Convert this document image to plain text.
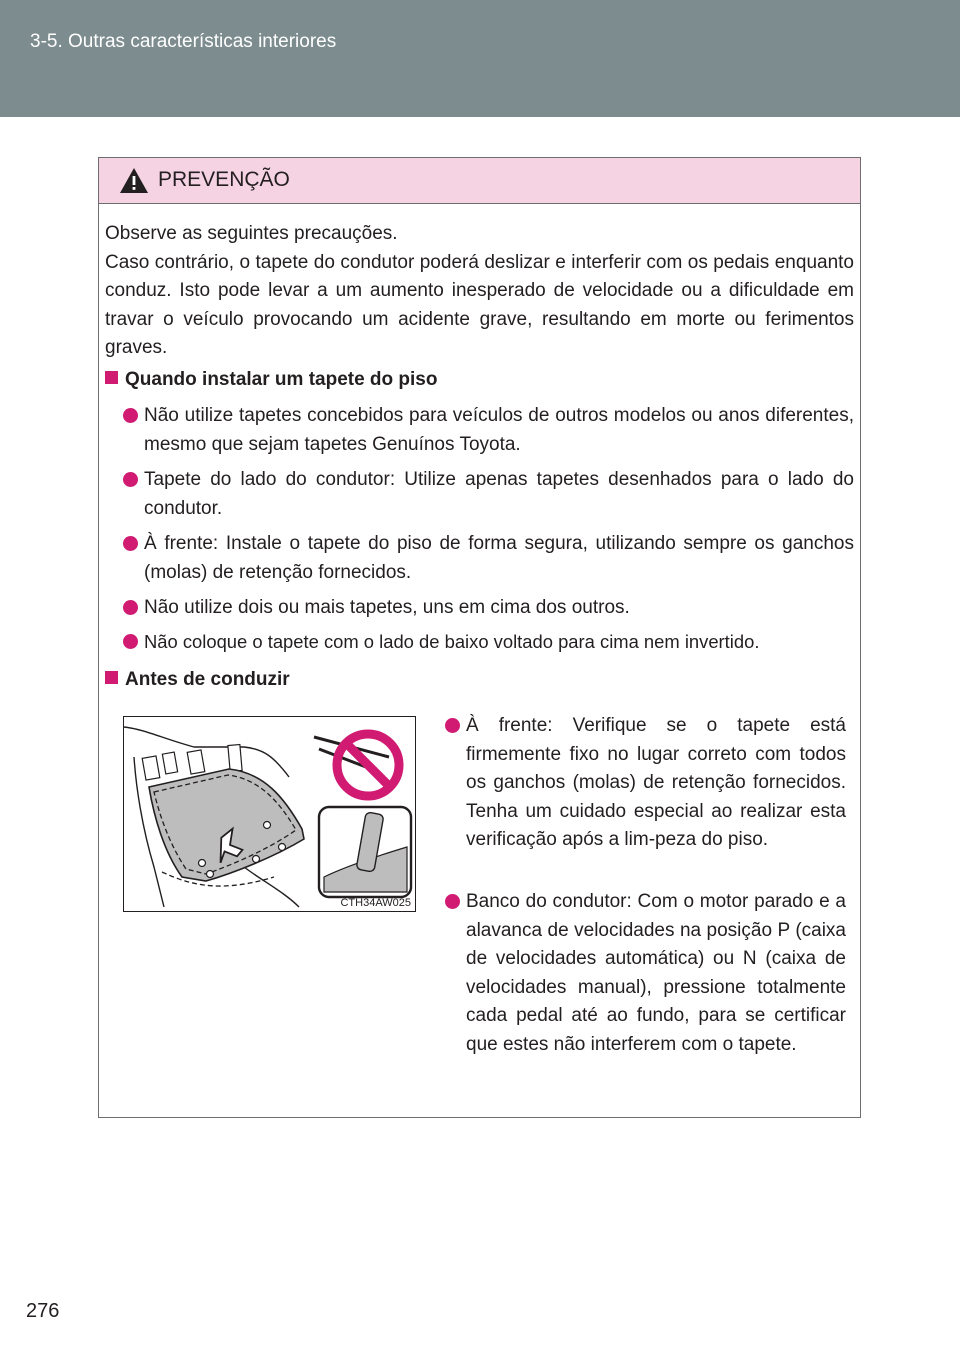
3-5. Outras características interiores
PREVENÇÃO
Observe as seguintes precauções.
Caso contrário, o tapete do condutor poderá deslizar e interferir com os pedais enquanto conduz. Isto pode levar a um aumento inesperado de velocidade ou a dificuldade em travar o veículo provocando um acidente grave, resultando em morte ou ferimentos graves.
Quando instalar um tapete do piso
Não utilize tapetes concebidos para veículos de outros modelos ou anos diferentes, mesmo que sejam tapetes Genuínos Toyota.
Tapete do lado do condutor: Utilize apenas tapetes desenhados para o lado do condutor.
À frente: Instale o tapete do piso de forma segura, utilizando sempre os ganchos (molas) de retenção fornecidos.
Não utilize dois ou mais tapetes, uns em cima dos outros.
Não coloque o tapete com o lado de baixo voltado para cima nem invertido.
Antes de conduzir
CTH34AW025
À frente: Verifique se o tapete está firmemente fixo no lugar correto com todos os ganchos (molas) de retenção fornecidos. Tenha um cuidado especial ao realizar esta verificação após a lim-peza do piso.
Banco do condutor: Com o motor parado e a alavanca de velocidades na posição P (caixa de velocidades automática) ou N (caixa de velocidades manual), pressione totalmente cada pedal até ao fundo, para se certificar que estes não interferem com o tapete.
276
